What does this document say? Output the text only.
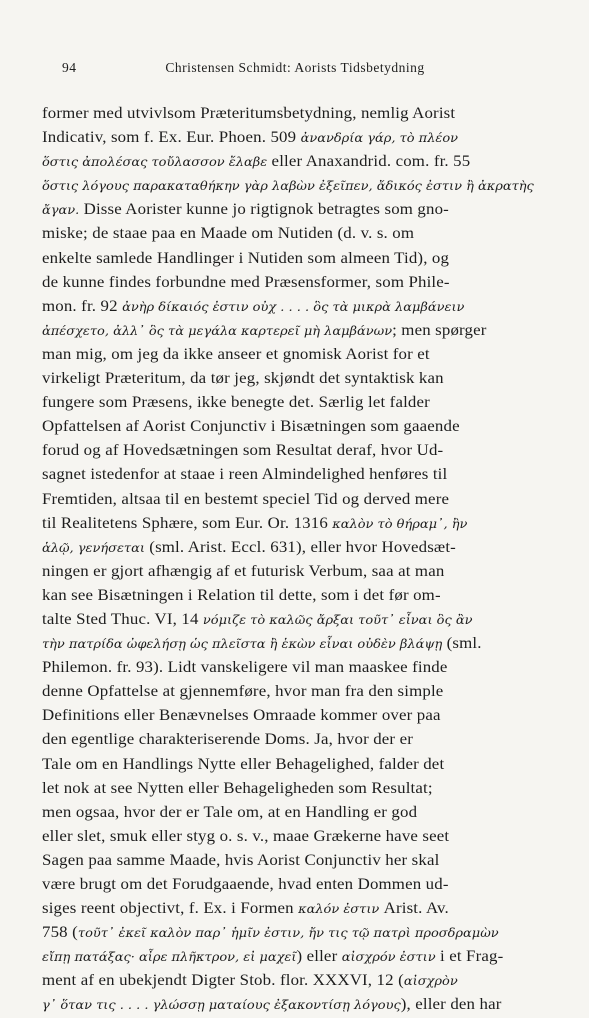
94	Christensen Schmidt: Aorists Tidsbetydning
former med utvivlsom Præteritumsbetydning, nemlig Aorist
Indicativ, som f. Ex. Eur. Phoen. 509 ἀνανδρία γάρ, τὸ πλέον
ὅστις ἀπολέσας τοὔλασσον ἔλαβε eller Anaxandrid. com. fr. 55
ὅστις λόγους παρακαταθήκην γὰρ λαβὼν ἐξεῖπεν, ἄδικός ἐστιν ἢ ἀκρατὴς
ἄγαν. Disse Aorister kunne jo rigtignok betragtes som gno-
miske; de staae paa en Maade om Nutiden (d. v. s. om
enkelte samlede Handlinger i Nutiden som almeen Tid), og
de kunne findes forbundne med Præsensformer, som Phile-
mon. fr. 92 ἀνὴρ δίκαιός ἐστιν οὐχ . . . . ὃς τὰ μικρὰ λαμβάνειν
ἀπέσχετο, ἀλλ᾽ ὃς τὰ μεγάλα καρτερεῖ μὴ λαμβάνων; men spørger
man mig, om jeg da ikke anseer et gnomisk Aorist for et
virkeligt Præteritum, da tør jeg, skjøndt det syntaktisk kan
fungere som Præsens, ikke benegte det. Særlig let falder
Opfattelsen af Aorist Conjunctiv i Bisætningen som gaaende
forud og af Hovedsætningen som Resultat deraf, hvor Ud-
sagnet istedenfor at staae i reen Almindelighed henføres til
Fremtiden, altsaa til en bestemt speciel Tid og derved mere
til Realitetens Sphære, som Eur. Or. 1316 καλὸν τὸ θήραμ᾽, ἢν
ἁλῷ, γενήσεται (sml. Arist. Eccl. 631), eller hvor Hovedsæt-
ningen er gjort afhængig af et futurisk Verbum, saa at man
kan see Bisætningen i Relation til dette, som i det før om-
talte Sted Thuc. VI, 14 νόμιζε τὸ καλῶς ἄρξαι τοῦτ᾽ εἶναι ὃς ἂν
τὴν πατρίδα ὠφελήσῃ ὡς πλεῖστα ἢ ἑκὼν εἶναι οὐδὲν βλάψῃ (sml.
Philemon. fr. 93). Lidt vanskeligere vil man maaskee finde
denne Opfattelse at gjennemføre, hvor man fra den simple
Definitions eller Benævnelses Omraade kommer over paa
den egentlige charakteriserende Doms. Ja, hvor der er
Tale om en Handlings Nytte eller Behagelighed, falder det
let nok at see Nytten eller Behageligheden som Resultat;
men ogsaa, hvor der er Tale om, at en Handling er god
eller slet, smuk eller styg o. s. v., maae Grækerne have seet
Sagen paa samme Maade, hvis Aorist Conjunctiv her skal
være brugt om det Forudgaaende, hvad enten Dommen ud-
siges reent objectivt, f. Ex. i Formen καλόν ἐστιν Arist. Av.
758 (τοῦτ᾽ ἐκεῖ καλὸν παρ᾽ ἡμῖν ἐστιν, ἤν τις τῷ πατρὶ προσδραμὼν
εἴπῃ πατάξας· αἶρε πλῆκτρον, εἰ μαχεῖ) eller αἰσχρόν ἐστιν i et Frag-
ment af en ubekjendt Digter Stob. flor. XXXVI, 12 (αἰσχρὸν
γ᾽ ὅταν τις . . . . γλώσσῃ ματαίους ἐξακοντίσῃ λόγους), eller den har
